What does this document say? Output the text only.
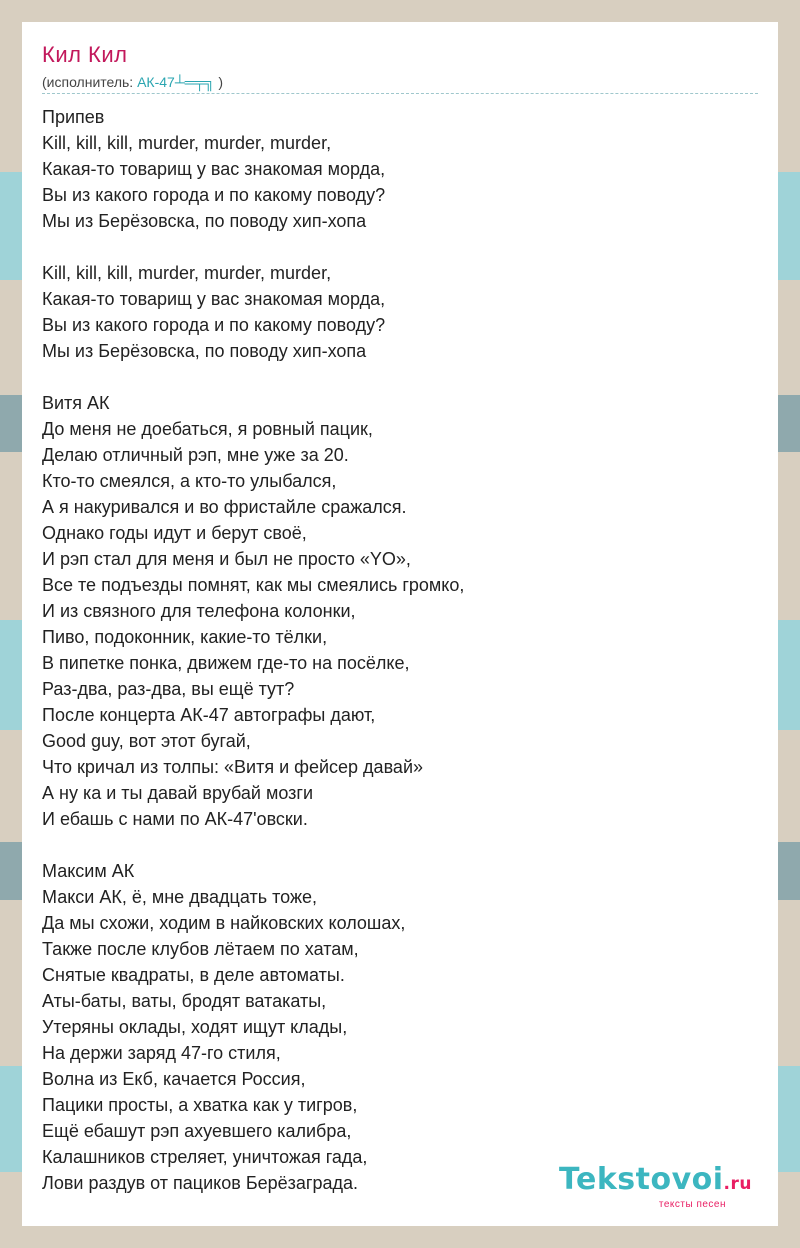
Кил Кил
(исполнитель: АК-47┴═╤╗ )
Припев
Kill, kill, kill, murder, murder, murder,
Какая-то товарищ у вас знакомая морда,
Вы из какого города и по какому поводу?
Мы из Берёзовска, по поводу хип-хопа

Kill, kill, kill, murder, murder, murder,
Какая-то товарищ у вас знакомая морда,
Вы из какого города и по какому поводу?
Мы из Берёзовска, по поводу хип-хопа

Витя АК
До меня не доебаться, я ровный пацик,
Делаю отличный рэп, мне уже за 20.
Кто-то смеялся, а кто-то улыбался,
А я накуривался и во фристайле сражался.
Однако годы идут и берут своё,
И рэп стал для меня и был не просто «YO»,
Все те подъезды помнят, как мы смеялись громко,
И из связного для телефона колонки,
Пиво, подоконник, какие-то тёлки,
В пипетке понка, движем где-то на посёлке,
Раз-два, раз-два, вы ещё тут?
После концерта АК-47 автографы дают,
Good guy, вот этот бугай,
Что кричал из толпы: «Витя и фейсер давай»
А ну ка и ты давай врубай мозги
И ебашь с нами по АК-47'овски.

Максим АК
Макси АК, ё, мне двадцать тоже,
Да мы схожи, ходим в найковских колошах,
Также после клубов лётаем по хатам,
Снятые квадраты, в деле автоматы.
Аты-баты, ваты, бродят ватакаты,
Утеряны оклады, ходят ищут клады,
На держи заряд 47-го стиля,
Волна из Екб, качается Россия,
Пацики просты, а хватка как у тигров,
Ещё ебашут рэп ахуевшего калибра,
Калашников стреляет, уничтожая гада,
Лови раздув от пациков Берёзаграда.	Tekstovoi.ru
тексты песен
